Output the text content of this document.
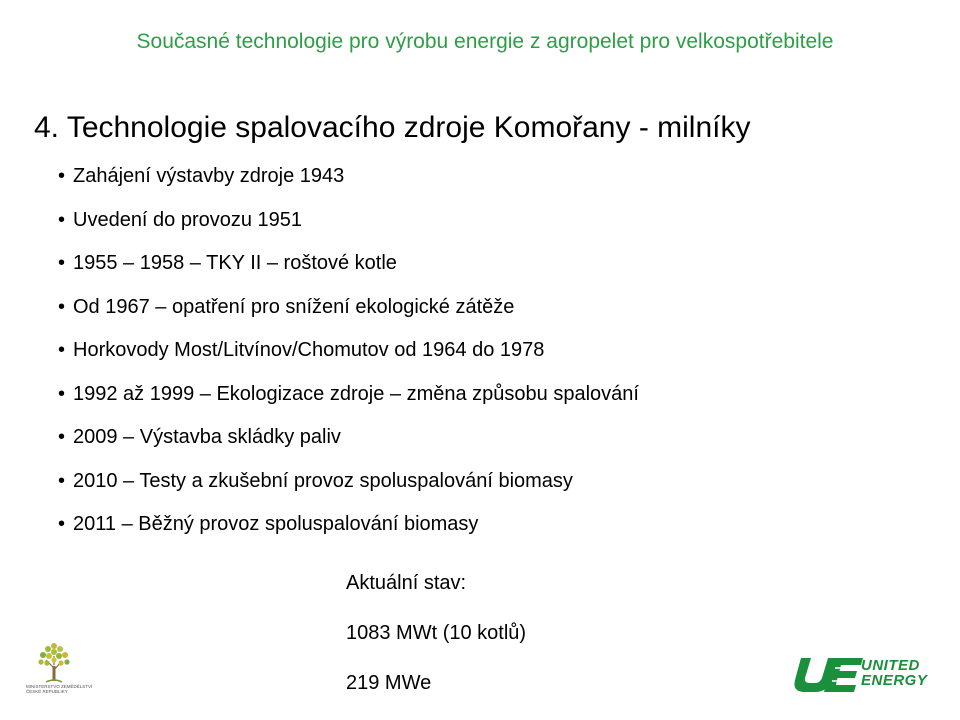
Současné technologie pro výrobu energie z agropelet pro velkospotřebitele
4. Technologie spalovacího zdroje Komořany - milníky
• Zahájení výstavby zdroje 1943
• Uvedení do provozu 1951
• 1955 – 1958 – TKY II – roštové kotle
• Od 1967 – opatření pro snížení ekologické zátěže
• Horkovody Most/Litvínov/Chomutov od 1964 do 1978
• 1992 až 1999 – Ekologizace zdroje – změna způsobu spalování
• 2009 – Výstavba skládky paliv
• 2010 – Testy a zkušební provoz spoluspalování biomasy
• 2011 – Běžný provoz spoluspalování biomasy
Aktuální stav:
1083 MWt (10 kotlů)
219 MWe
MINISTERSTVO ZEMĚDĚLSTVÍ
ČESKÉ REPUBLIKY
UNITED
ENERGY
